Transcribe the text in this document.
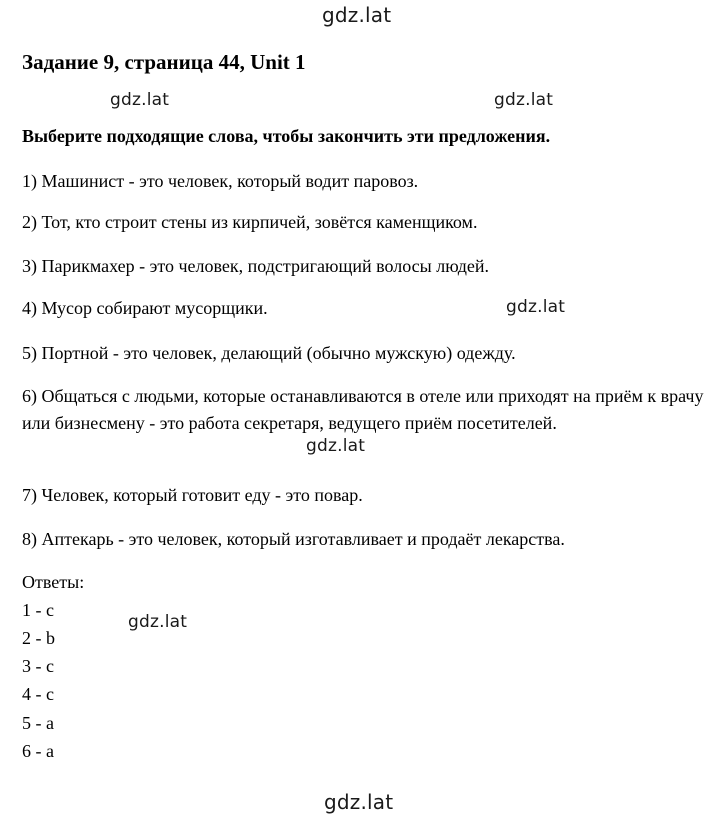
gdz.lat
gdz.lat	gdz.lat
gdz.lat
gdz.lat
gdz.lat
gdz.lat
Задание 9, страница 44, Unit 1
Выберите подходящие слова, чтобы закончить эти предложения.
1) Машинист - это человек, который водит паровоз.
2) Тот, кто строит стены из кирпичей, зовётся каменщиком.
3) Парикмахер - это человек, подстригающий волосы людей.
4) Мусор собирают мусорщики.
5) Портной - это человек, делающий (обычно мужскую) одежду.
6) Общаться с людьми, которые останавливаются в отеле или приходят на приём к врачу или бизнесмену - это работа секретаря, ведущего приём посетителей.
7) Человек, который готовит еду - это повар.
8) Аптекарь - это человек, который изготавливает и продаёт лекарства.
Ответы:
1 - c
2 - b
3 - c
4 - c
5 - a
6 - a
